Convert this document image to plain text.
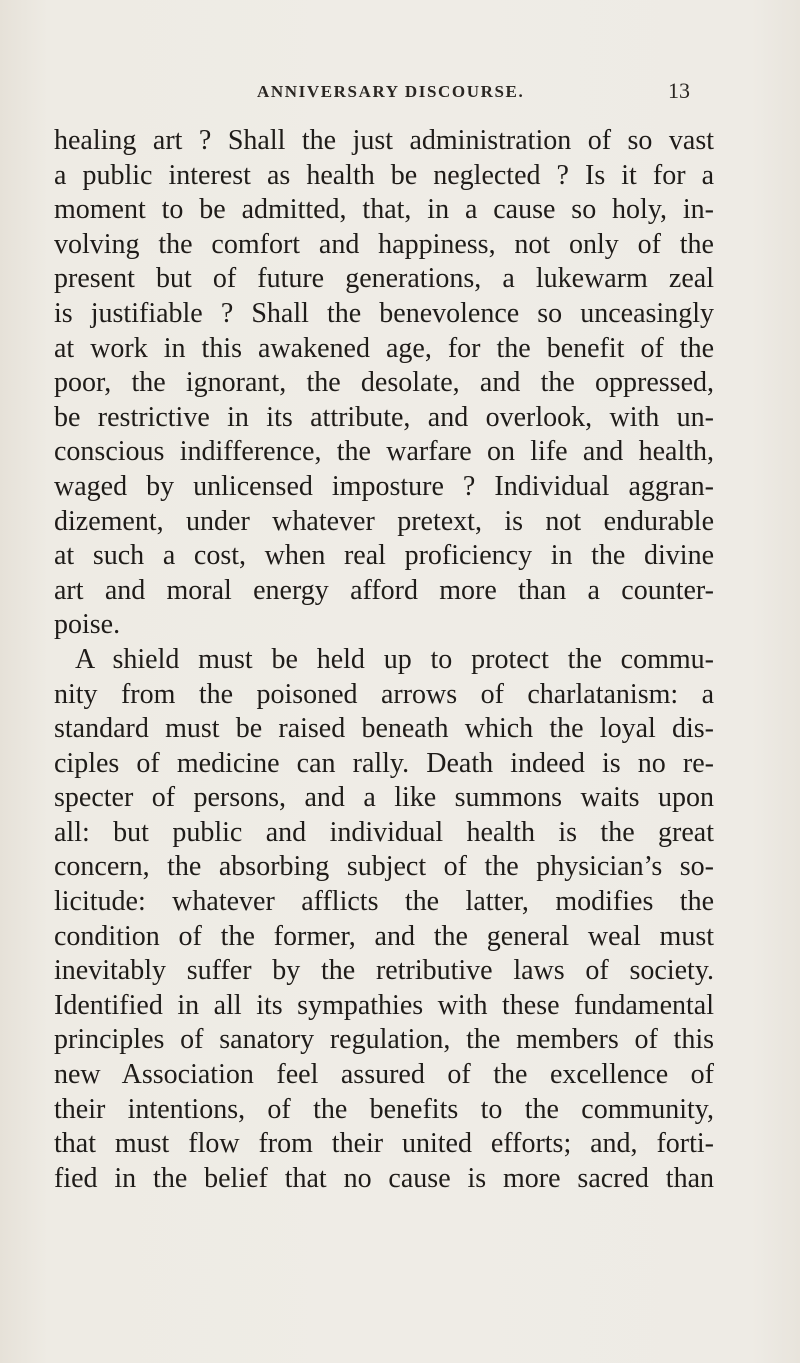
ANNIVERSARY DISCOURSE.	13
healing art ? Shall the just administration of so vast
a public interest as health be neglected ? Is it for a
moment to be admitted, that, in a cause so holy, in-
volving the comfort and happiness, not only of the
present but of future generations, a lukewarm zeal
is justifiable ? Shall the benevolence so unceasingly
at work in this awakened age, for the benefit of the
poor, the ignorant, the desolate, and the oppressed,
be restrictive in its attribute, and overlook, with un-
conscious indifference, the warfare on life and health,
waged by unlicensed imposture ? Individual aggran-
dizement, under whatever pretext, is not endurable
at such a cost, when real proficiency in the divine
art and moral energy afford more than a counter-
poise.
A shield must be held up to protect the commu-
nity from the poisoned arrows of charlatanism: a
standard must be raised beneath which the loyal dis-
ciples of medicine can rally. Death indeed is no re-
specter of persons, and a like summons waits upon
all: but public and individual health is the great
concern, the absorbing subject of the physician’s so-
licitude: whatever afflicts the latter, modifies the
condition of the former, and the general weal must
inevitably suffer by the retributive laws of society.
Identified in all its sympathies with these fundamental
principles of sanatory regulation, the members of this
new Association feel assured of the excellence of
their intentions, of the benefits to the community,
that must flow from their united efforts; and, forti-
fied in the belief that no cause is more sacred than
